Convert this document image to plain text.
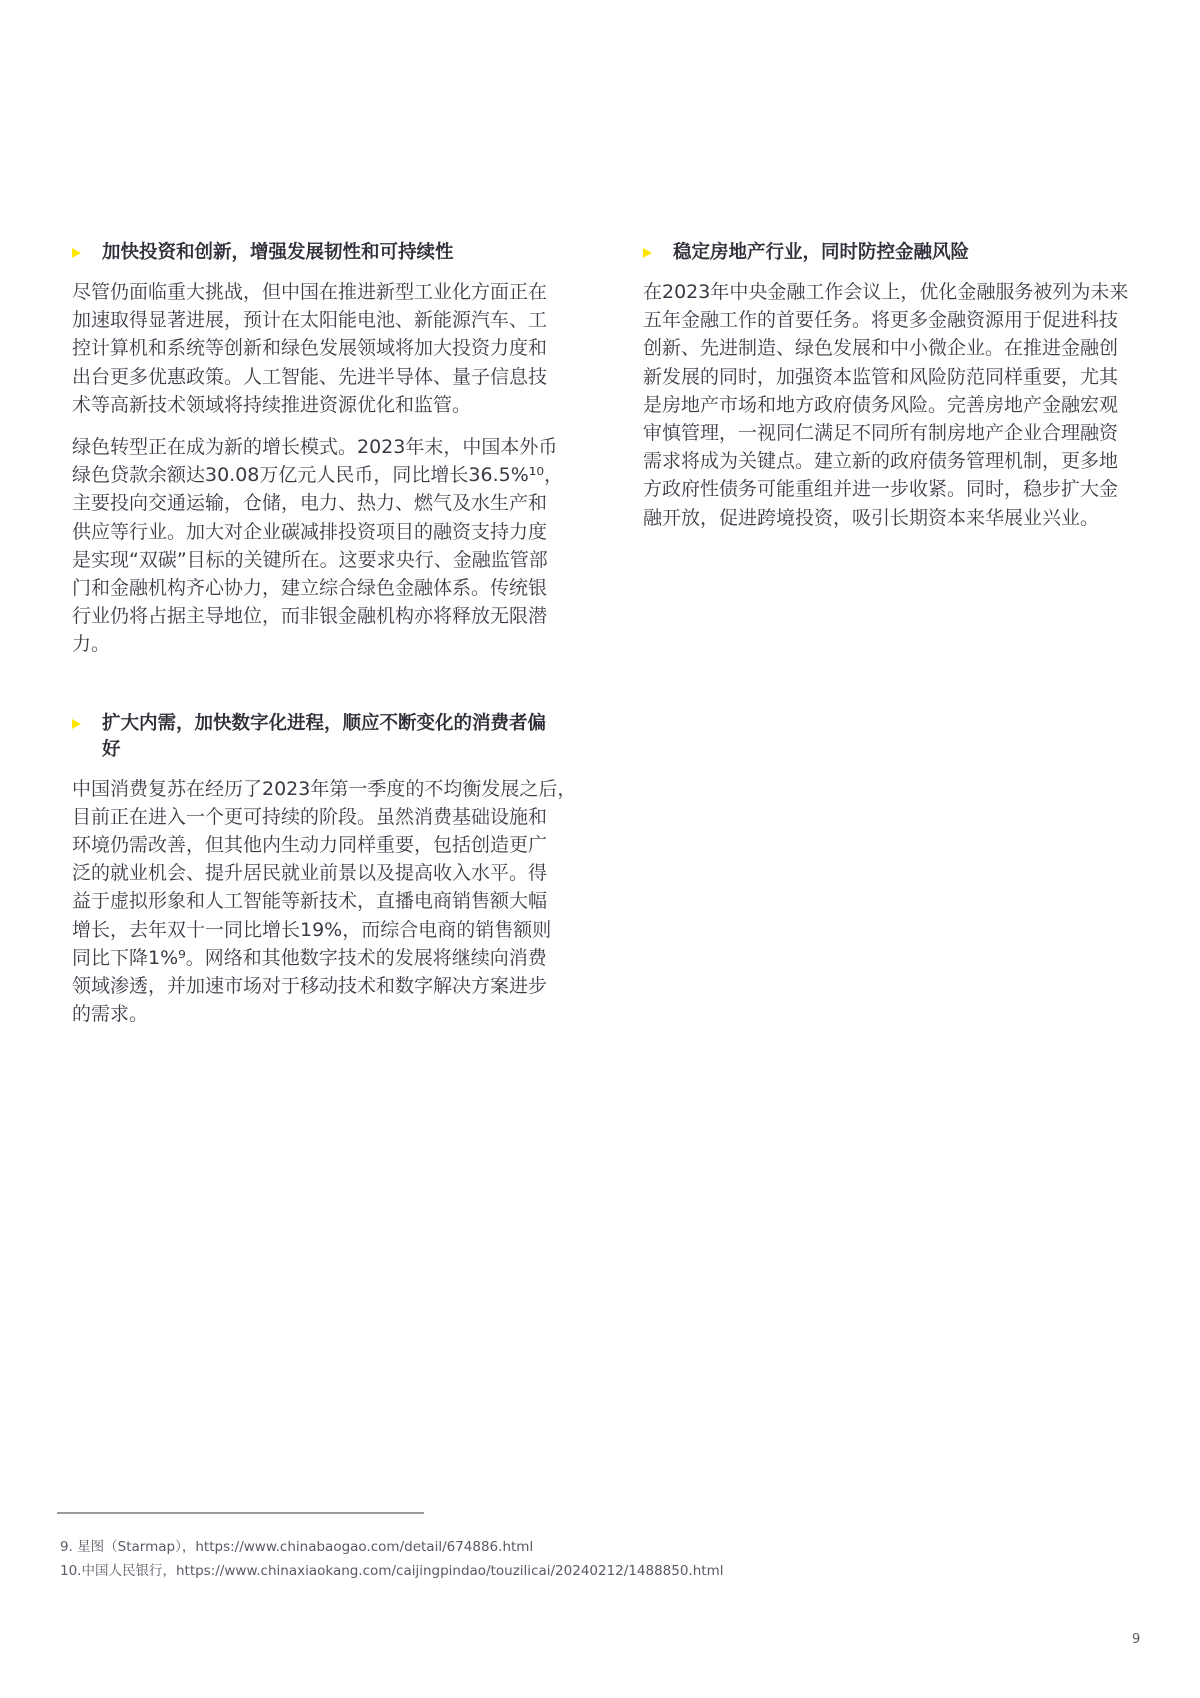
加快投资和创新，增强发展韧性和可持续性

尽管仍面临重大挑战，但中国在推进新型工业化方面正在
加速取得显著进展，预计在太阳能电池、新能源汽车、工
控计算机和系统等创新和绿色发展领域将加大投资力度和
出台更多优惠政策。人工智能、先进半导体、量子信息技
术等高新技术领域将持续推进资源优化和监管。

绿色转型正在成为新的增长模式。2023年末，中国本外币
绿色贷款余额达30.08万亿元人民币，同比增长36.5%¹⁰，
主要投向交通运输，仓储，电力、热力、燃气及水生产和
供应等行业。加大对企业碳减排投资项目的融资支持力度
是实现“双碳”目标的关键所在。这要求央行、金融监管部
门和金融机构齐心协力，建立综合绿色金融体系。传统银
行业仍将占据主导地位，而非银金融机构亦将释放无限潜
力。

扩大内需，加快数字化进程，顺应不断变化的消费者偏
好

中国消费复苏在经历了2023年第一季度的不均衡发展之后，
目前正在进入一个更可持续的阶段。虽然消费基础设施和
环境仍需改善，但其他内生动力同样重要，包括创造更广
泛的就业机会、提升居民就业前景以及提高收入水平。得
益于虚拟形象和人工智能等新技术，直播电商销售额大幅
增长，去年双十一同比增长19%，而综合电商的销售额则
同比下降1%⁹。网络和其他数字技术的发展将继续向消费
领域渗透，并加速市场对于移动技术和数字解决方案进步
的需求。

稳定房地产行业，同时防控金融风险

在2023年中央金融工作会议上，优化金融服务被列为未来
五年金融工作的首要任务。将更多金融资源用于促进科技
创新、先进制造、绿色发展和中小微企业。在推进金融创
新发展的同时，加强资本监管和风险防范同样重要，尤其
是房地产市场和地方政府债务风险。完善房地产金融宏观
审慎管理，一视同仁满足不同所有制房地产企业合理融资
需求将成为关键点。建立新的政府债务管理机制，更多地
方政府性债务可能重组并进一步收紧。同时，稳步扩大金
融开放，促进跨境投资，吸引长期资本来华展业兴业。

9. 星图（Starmap），https://www.chinabaogao.com/detail/674886.html
10.中国人民银行，https://www.chinaxiaokang.com/caijingpindao/touzilicai/20240212/1488850.html
9
